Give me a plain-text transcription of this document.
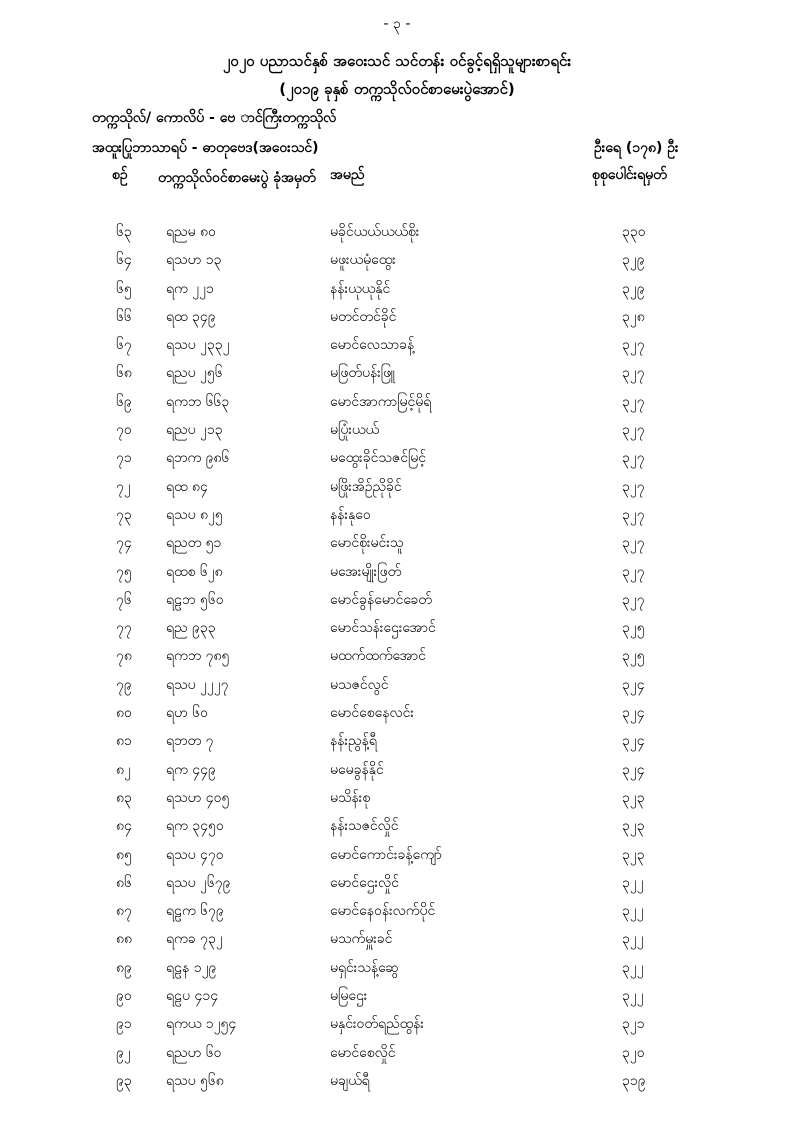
- ၃ -
၂၀၂၀ ပညာသင်နှစ် အဝေးသင် သင်တန်း ဝင်ခွင့်ရရှိသူများစာရင်း
(၂၀၁၉ ခုနှစ် တက္ကသိုလ်ဝင်စာမေးပွဲအောင်)
တက္ကသိုလ်/ ကောလိပ် - ဗေ ာင်ကြီးတက္ကသိုလ်
အထူးပြုဘာသာရပ် - ဓာတုဗေဒ(အဝေးသင်)	ဦးရေ (၁၇၈) ဦး
စဉ် တက္ကသိုလ်ဝင်စာမေးပွဲ ခုံအမှတ် အမည်	စုစုပေါင်းရမှတ်
၆၃ ရညမ ၈၀	မခိုင်ယယ်ယယ်စိုး	၃၃၀
၆၄ ရသဟ ၁၃	မဖူးယမုံထွေး	၃၂၉
၆၅ ရက ၂၂၁	နန်းယုယုနိုင်	၃၂၉
၆၆ ရထ ၃၄၉	မတင်တင်ခိုင်	၃၂၈
၆၇ ရသပ ၂၃၃၂	မောင်လေသာခန့်	၃၂၇
၆၈ ရညပ ၂၅၆	မဖြတ်ပန်းဖြူ	၃၂၇
၆၉ ရကဘ ၆၆၃	မောင်အာကာမြင့်မိုရ်	၃၂၇
၇၀ ရညပ ၂၁၃	မပြုံးယယ်	၃၂၇
၇၁ ရဘက ၉၈၆	မထွေးခိုင်သဇင်မြင့်	၃၂၇
၇၂	ရထ ၈၄	မဖြိုးအိဉ်ညိုခိုင်	၃၂၇
၇၃ ရသပ ၈၂၅	နန်းနုဝေ	၃၂၇
၇၄ ရညတ ၅၁	မောင်စိုးမင်းသူ	၃၂၇
၇၅ ရထစ ၆၂၈	မအေးမျိုးဖြတ်	၃၂၇
၇၆ ရဠဘ ၅၆၀	မောင်ခွန်မောင်ခေတ်	၃၂၇
၇၇ ရည ၉၃၃	မောင်သန်းဌေးအောင်	၃၂၅
၇၈ ရကဘ ၇၈၅	မထက်ထက်အောင်	၃၂၅
၇၉ ရသပ ၂၂၂၇	မသဇင်လွင်	၃၂၄
၈၀ ရဟ ၆၀	မောင်စေနေလင်း	၃၂၄
၈၁ ရဘတ ၇	နန်းညွန့်ရီ	၃၂၄
၈၂	ရက ၄၄၉	မမေခွန်နိုင်	၃၂၄
၈၃ ရသဟ ၄၀၅	မသိန်းစု	၃၂၃
၈၄ ရက ၃၄၅၀	နန်းသဇင်လှိုင်	၃၂၃
၈၅ ရသပ ၄၇၀	မောင်ကောင်းခန့်ကျော်	၃၂၃
၈၆ ရသပ ၂၆၇၉	မောင်ဌေးလှိုင်	၃၂၂
၈၇ ရဠက ၆၇၉	မောင်နေဝန်းလက်ပိုင်	၃၂၂
၈၈ ရကခ ၇၃၂	မသက်မှူးခင်	၃၂၂
၈၉ ရဠန ၁၂၉	မရှင်းသန့်ဆွေ	၃၂၂
၉၀ ရဠပ ၄၁၄	မမြဌေး	၃၂၂
၉၁ ရကယ ၁၂၅၄	မနှင်းဝတ်ရည်ထွန်း	၃၂၁
၉၂	ရညဟ ၆၀	မောင်စေလှိုင်	၃၂၀
၉၃ ရသပ ၅၆၈	မချယ်ရီ	၃၁၉
